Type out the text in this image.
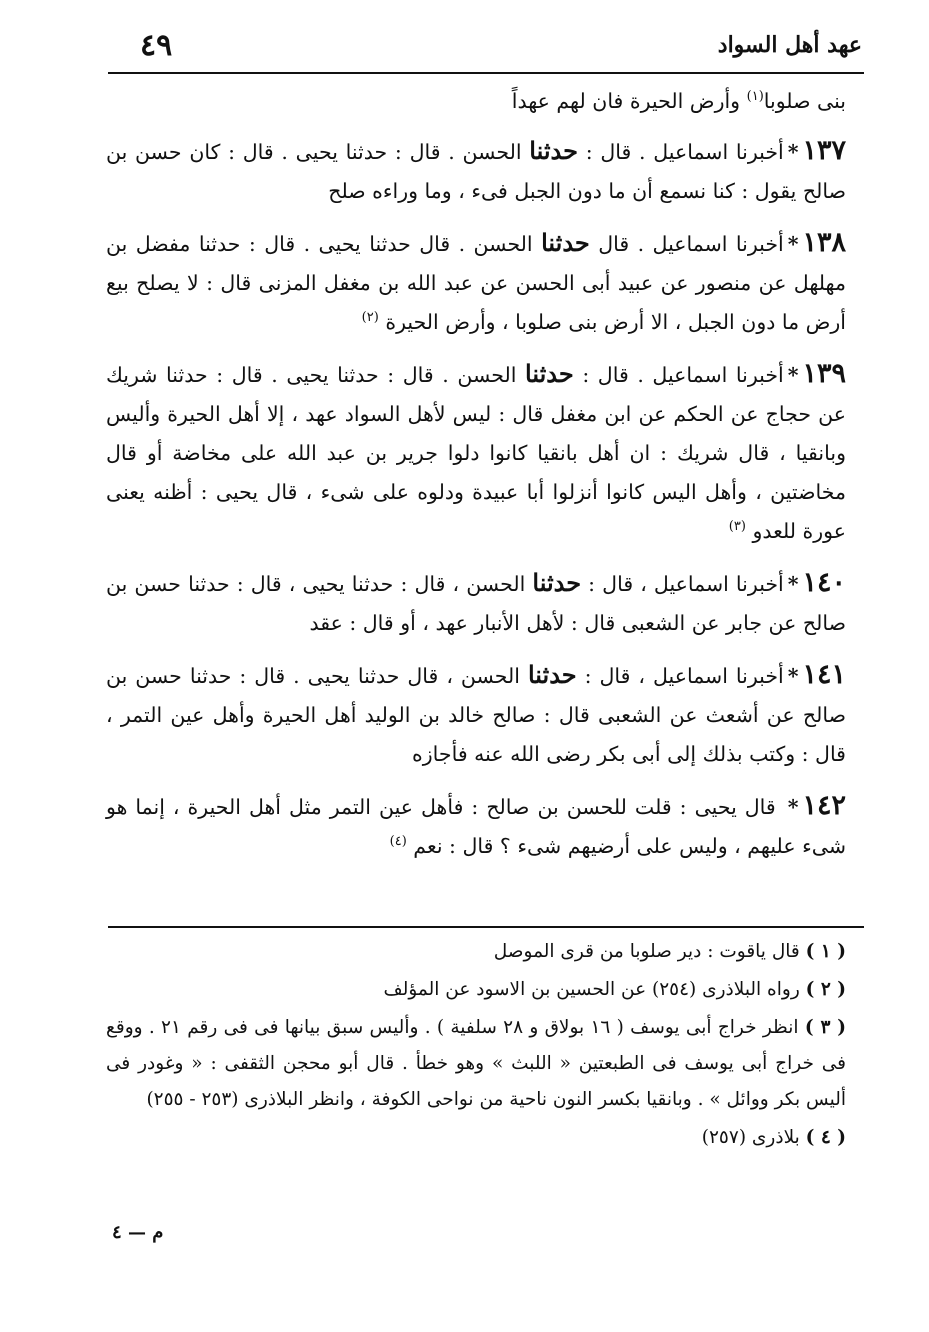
عهد أهل السواد
٤٩

بنى صلوبا$^{(١)}$ وأرض الحيرة فان لهم عهداً

١٣٧*أخبرنا اسماعيل . قال : حدثنا الحسن . قال : حدثنا يحيى . قال : كان حسن بن صالح يقول : كنا نسمع أن ما دون الجبل فىء ، وما وراءه صلح

١٣٨*أخبرنا اسماعيل . قال حدثنا الحسن . قال حدثنا يحيى . قال : حدثنا مفضل بن مهلهل عن منصور عن عبيد أبى الحسن عن عبد الله بن مغفل المزنى قال : لا يصلح بيع أرض ما دون الجبل ، الا أرض بنى صلوبا ، وأرض الحيرة $^{(٢)}$

١٣٩*أخبرنا اسماعيل . قال : حدثنا الحسن . قال : حدثنا يحيى . قال : حدثنا شريك عن حجاج عن الحكم عن ابن مغفل قال : ليس لأهل السواد عهد ، إلا أهل الحيرة وأليس وبانقيا ، قال شريك : ان أهل بانقيا كانوا دلوا جرير بن عبد الله على مخاضة أو قال مخاضتين ، وأهل اليس كانوا أنزلوا أبا عبيدة ودلوه على شىء ، قال يحيى : أظنه يعنى عورة للعدو $^{(٣)}$

١٤٠*أخبرنا اسماعيل ، قال : حدثنا الحسن ، قال : حدثنا يحيى ، قال : حدثنا حسن بن صالح عن جابر عن الشعبى قال : لأهل الأنبار عهد ، أو قال : عقد

١٤١*أخبرنا اسماعيل ، قال : حدثنا الحسن ، قال حدثنا يحيى . قال : حدثنا حسن بن صالح عن أشعث عن الشعبى قال : صالح خالد بن الوليد أهل الحيرة وأهل عين التمر ، قال : وكتب بذلك إلى أبى بكر رضى الله عنه فأجازه

١٤٢* قال يحيى : قلت للحسن بن صالح : فأهل عين التمر مثل أهل الحيرة ، إنما هو شىء عليهم ، وليس على أرضيهم شىء ؟ قال : نعم $^{(٤)}$

( ١ ) قال ياقوت : دير صلوبا من قرى الموصل

( ٢ ) رواه البلاذرى (٢٥٤) عن الحسين بن الاسود عن المؤلف

( ٣ ) انظر خراج أبى يوسف ( ١٦ بولاق و ٢٨ سلفية ) . وأليس سبق بيانها فى فى رقم ٢١ . ووقع فى خراج أبى يوسف فى الطبعتين « اللبث » وهو خطأ . قال أبو محجن الثقفى : « وغودر فى أليس بكر ووائل » . وبانقيا بكسر النون ناحية من نواحى الكوفة ، وانظر البلاذرى (٢٥٣ - ٢٥٥)

( ٤ ) بلاذرى (٢٥٧)

م — ٤
